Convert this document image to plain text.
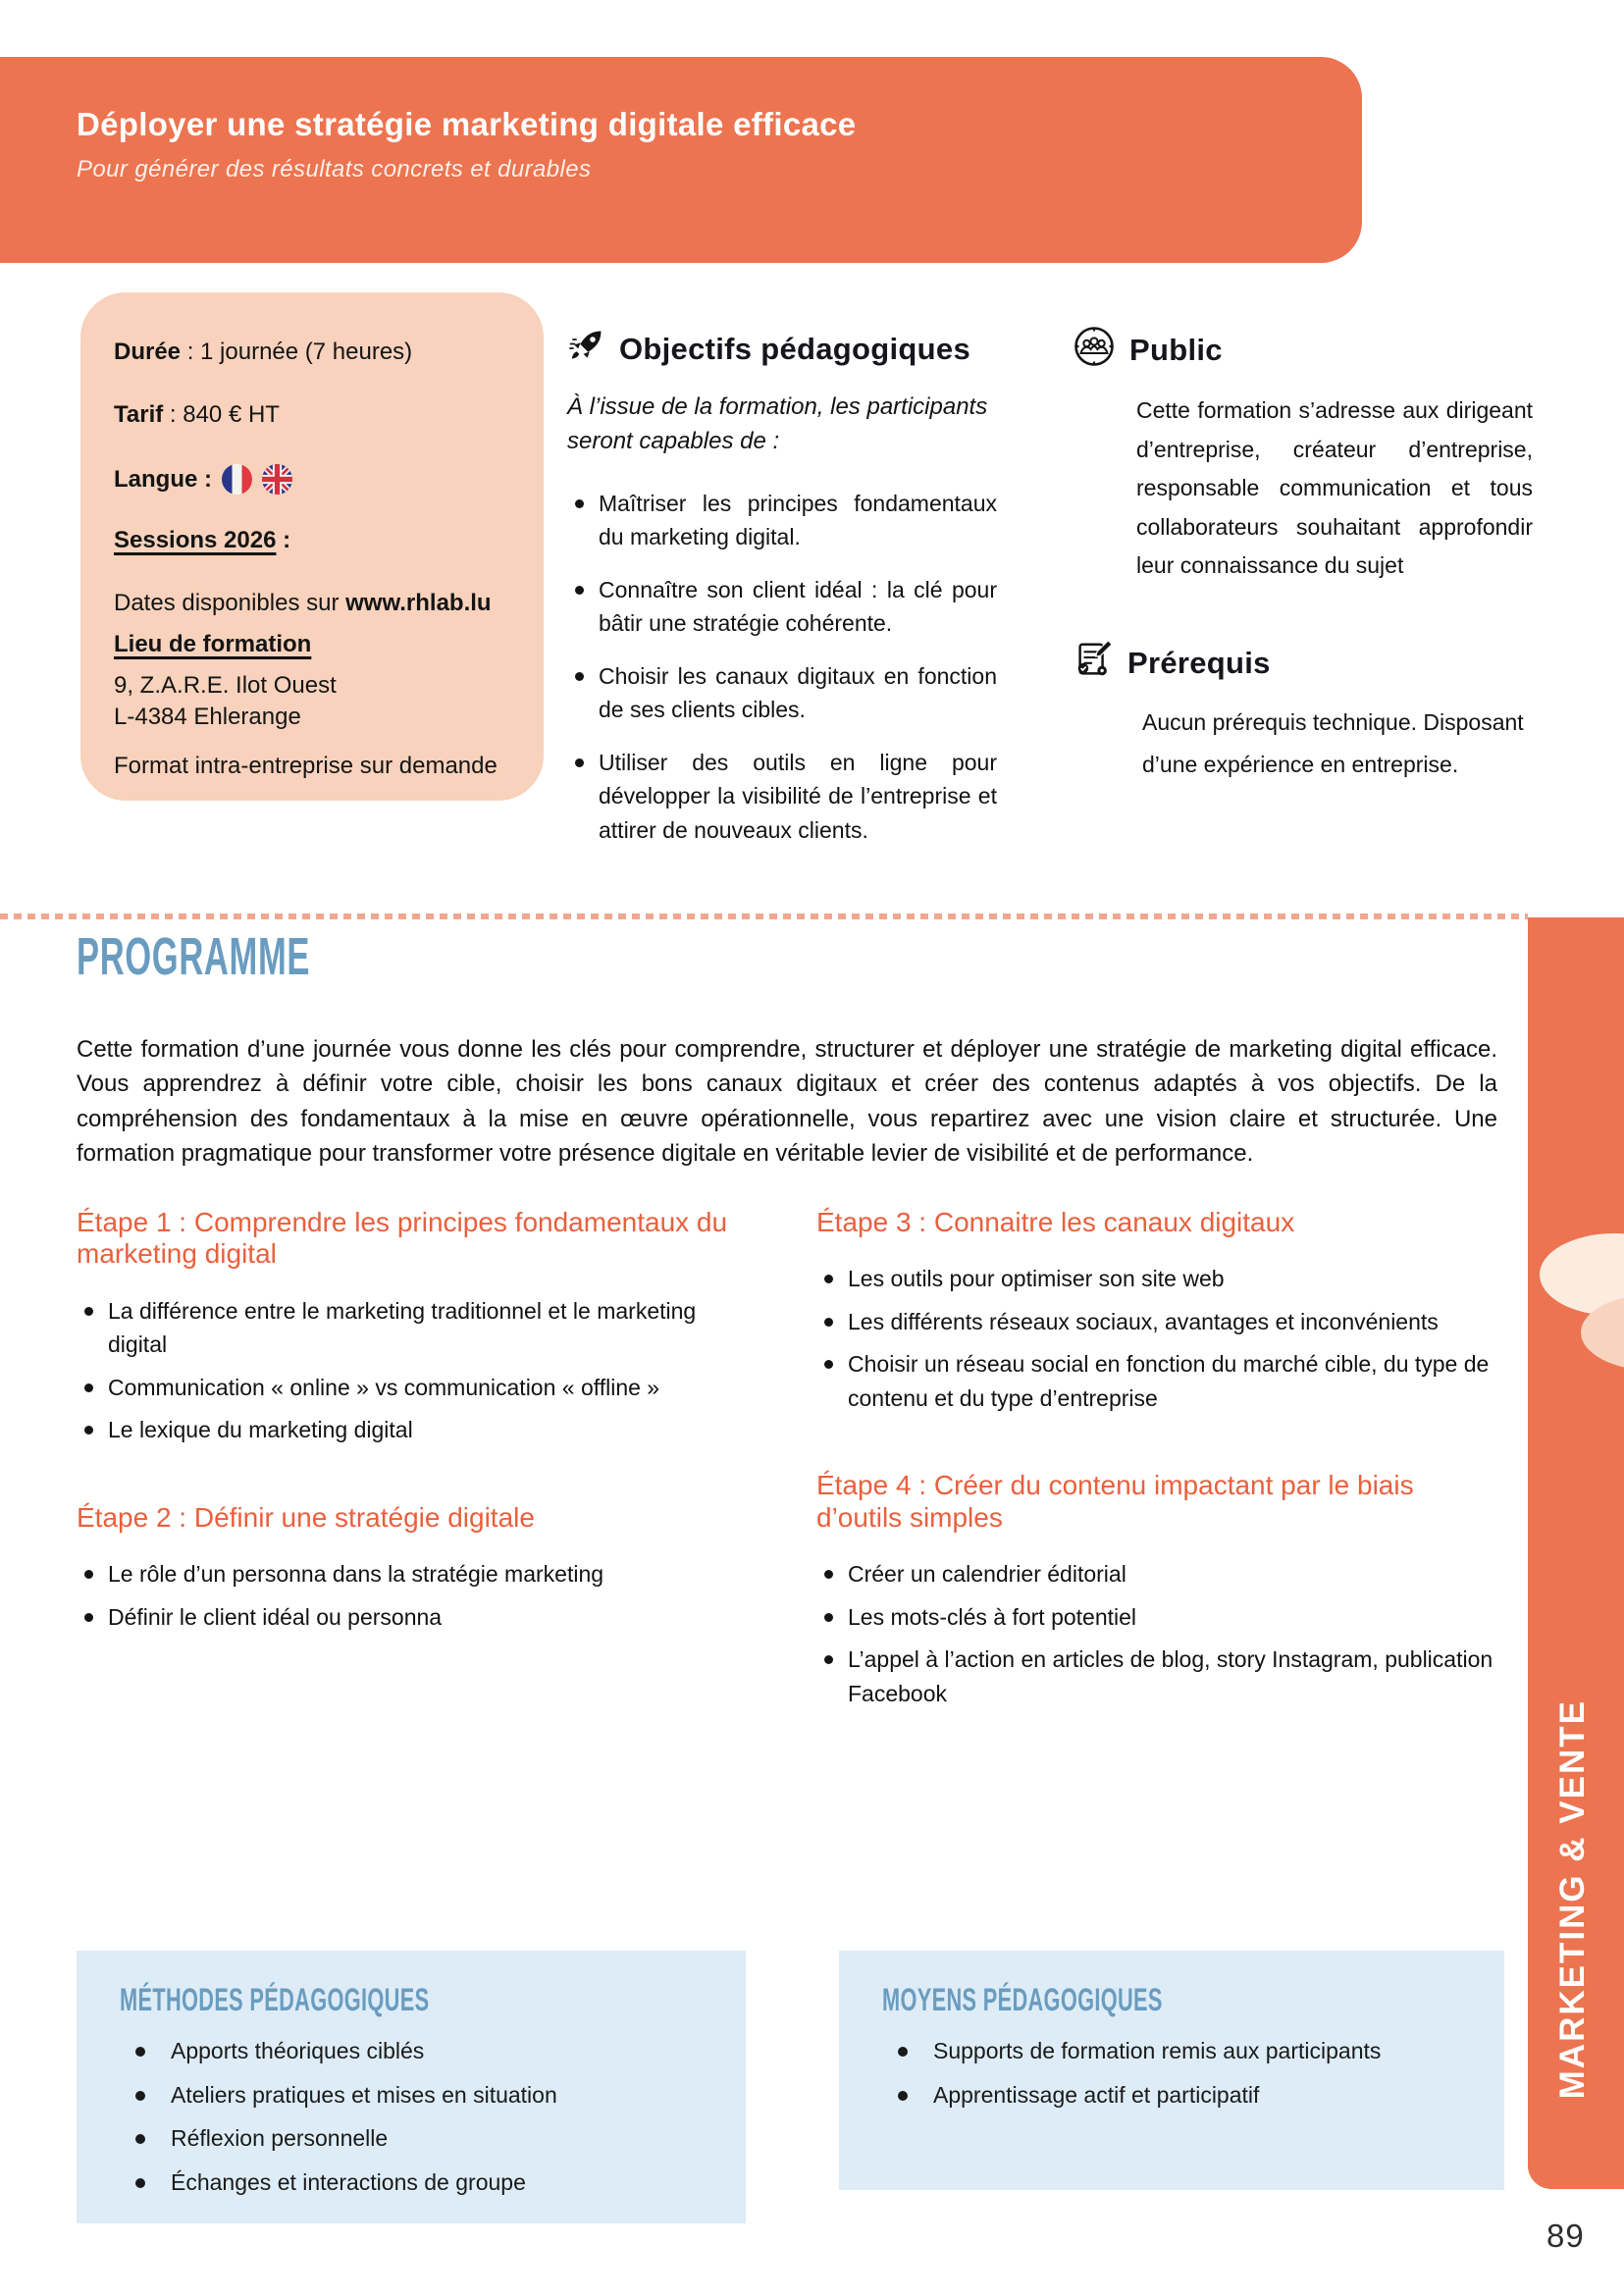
Déployer une stratégie marketing digitale efficace
Pour générer des résultats concrets et durables
Durée : 1 journée (7 heures)
Tarif : 840 € HT
Langue :
Sessions 2026 :
Dates disponibles sur www.rhlab.lu
Lieu de formation
9, Z.A.R.E. Ilot Ouest
L-4384 Ehlerange
Format intra-entreprise sur demande
Objectifs pédagogiques

À l’issue de la formation, les participants seront capables de :

Maîtriser les principes fondamentaux du marketing digital.
Connaître son client idéal : la clé pour bâtir une stratégie cohérente.
Choisir les canaux digitaux en fonction de ses clients cibles.
Utiliser des outils en ligne pour développer la visibilité de l’entreprise et attirer de nouveaux clients.
Public

Cette formation s’adresse aux dirigeant d’entreprise, créateur d’entreprise, responsable communication et tous collaborateurs souhaitant approfondir leur connaissance du sujet

Prérequis

Aucun prérequis technique. Disposant d’une expérience en entreprise.

PROGRAMME

Cette formation d’une journée vous donne les clés pour comprendre, structurer et déployer une stratégie de marketing digital efficace. Vous apprendrez à définir votre cible, choisir les bons canaux digitaux et créer des contenus adaptés à vos objectifs. De la compréhension des fondamentaux à la mise en œuvre opérationnelle, vous repartirez avec une vision claire et structurée. Une formation pragmatique pour transformer votre présence digitale en véritable levier de visibilité et de performance.

Étape 1 : Comprendre les principes fondamentaux du marketing digital
La différence entre le marketing traditionnel et le marketing digital
Communication « online » vs communication « offline »
Le lexique du marketing digital
Étape 2 : Définir une stratégie digitale
Le rôle d’un personna dans la stratégie marketing
Définir le client idéal ou personna
Étape 3 : Connaitre les canaux digitaux
Les outils pour optimiser son site web
Les différents réseaux sociaux, avantages et inconvénients
Choisir un réseau social en fonction du marché cible, du type de contenu et du type d’entreprise
Étape 4 : Créer du contenu impactant par le biais d’outils simples
Créer un calendrier éditorial
Les mots-clés à fort potentiel
L’appel à l’action en articles de blog, story Instagram, publication Facebook
MÉTHODES PÉDAGOGIQUES
Apports théoriques ciblés
Ateliers pratiques et mises en situation
Réflexion personnelle
Échanges et interactions de groupe
MOYENS PÉDAGOGIQUES
Supports de formation remis aux participants
Apprentissage actif et participatif	MARKETING & VENTE
89
